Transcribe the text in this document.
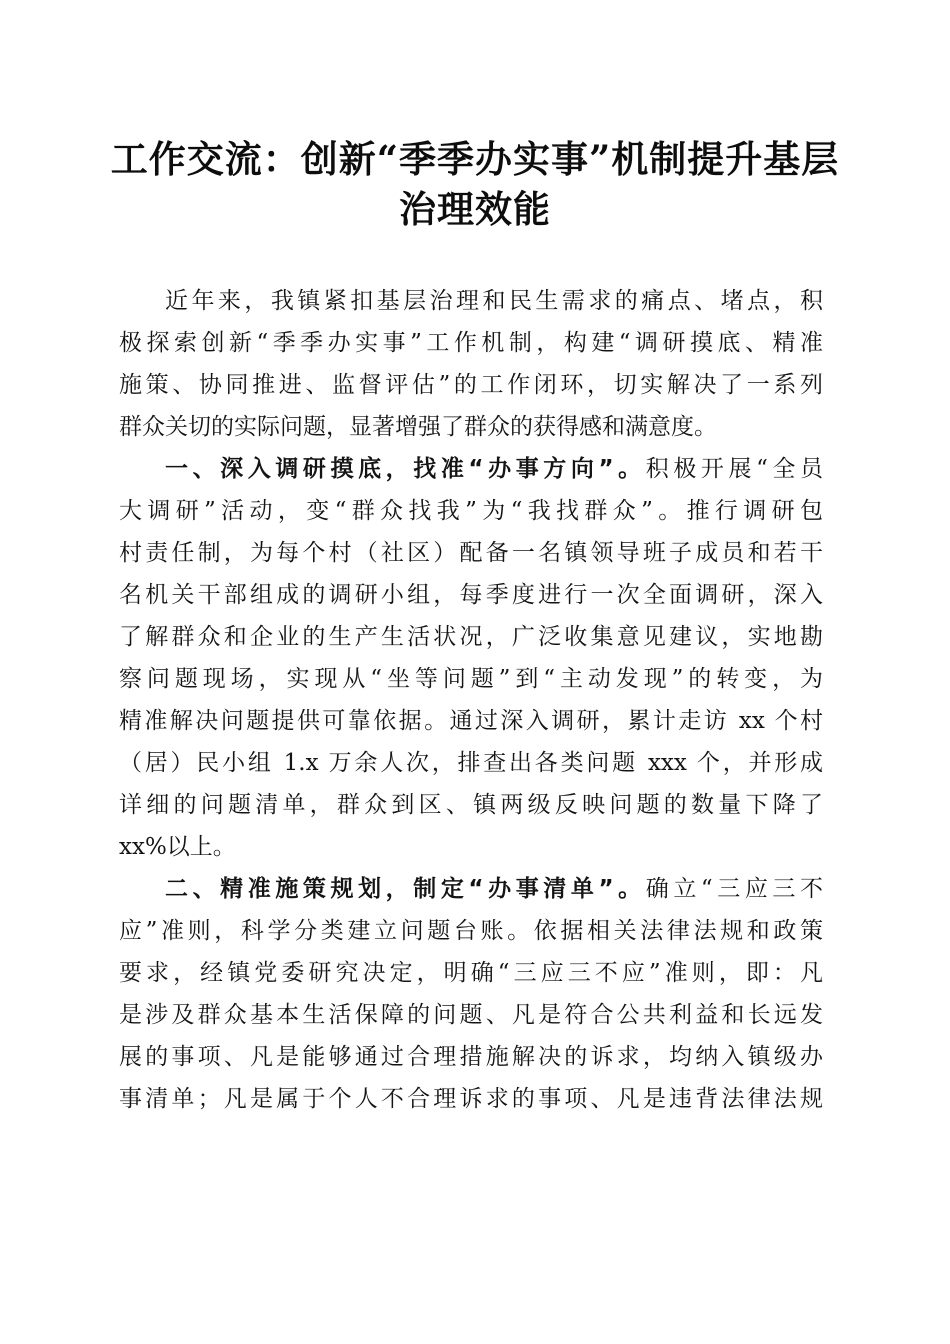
工作交流：创新“季季办实事”机制提升基层
治理效能
近年来，我镇紧扣基层治理和民生需求的痛点、堵点，积
极探索创新“季季办实事”工作机制，构建“调研摸底、精准
施策、协同推进、监督评估”的工作闭环，切实解决了一系列
群众关切的实际问题，显著增强了群众的获得感和满意度。
一、深入调研摸底，找准“办事方向”。积极开展“全员
大调研”活动，变“群众找我”为“我找群众”。推行调研包
村责任制，为每个村（社区）配备一名镇领导班子成员和若干
名机关干部组成的调研小组，每季度进行一次全面调研，深入
了解群众和企业的生产生活状况，广泛收集意见建议，实地勘
察问题现场，实现从“坐等问题”到“主动发现”的转变，为
精准解决问题提供可靠依据。通过深入调研，累计走访 xx 个村
（居）民小组 1.x 万余人次，排查出各类问题 xxx 个，并形成
详细的问题清单，群众到区、镇两级反映问题的数量下降了
xx%以上。
二、精准施策规划，制定“办事清单”。确立“三应三不
应”准则，科学分类建立问题台账。依据相关法律法规和政策
要求，经镇党委研究决定，明确“三应三不应”准则，即：凡
是涉及群众基本生活保障的问题、凡是符合公共利益和长远发
展的事项、凡是能够通过合理措施解决的诉求，均纳入镇级办
事清单；凡是属于个人不合理诉求的事项、凡是违背法律法规
